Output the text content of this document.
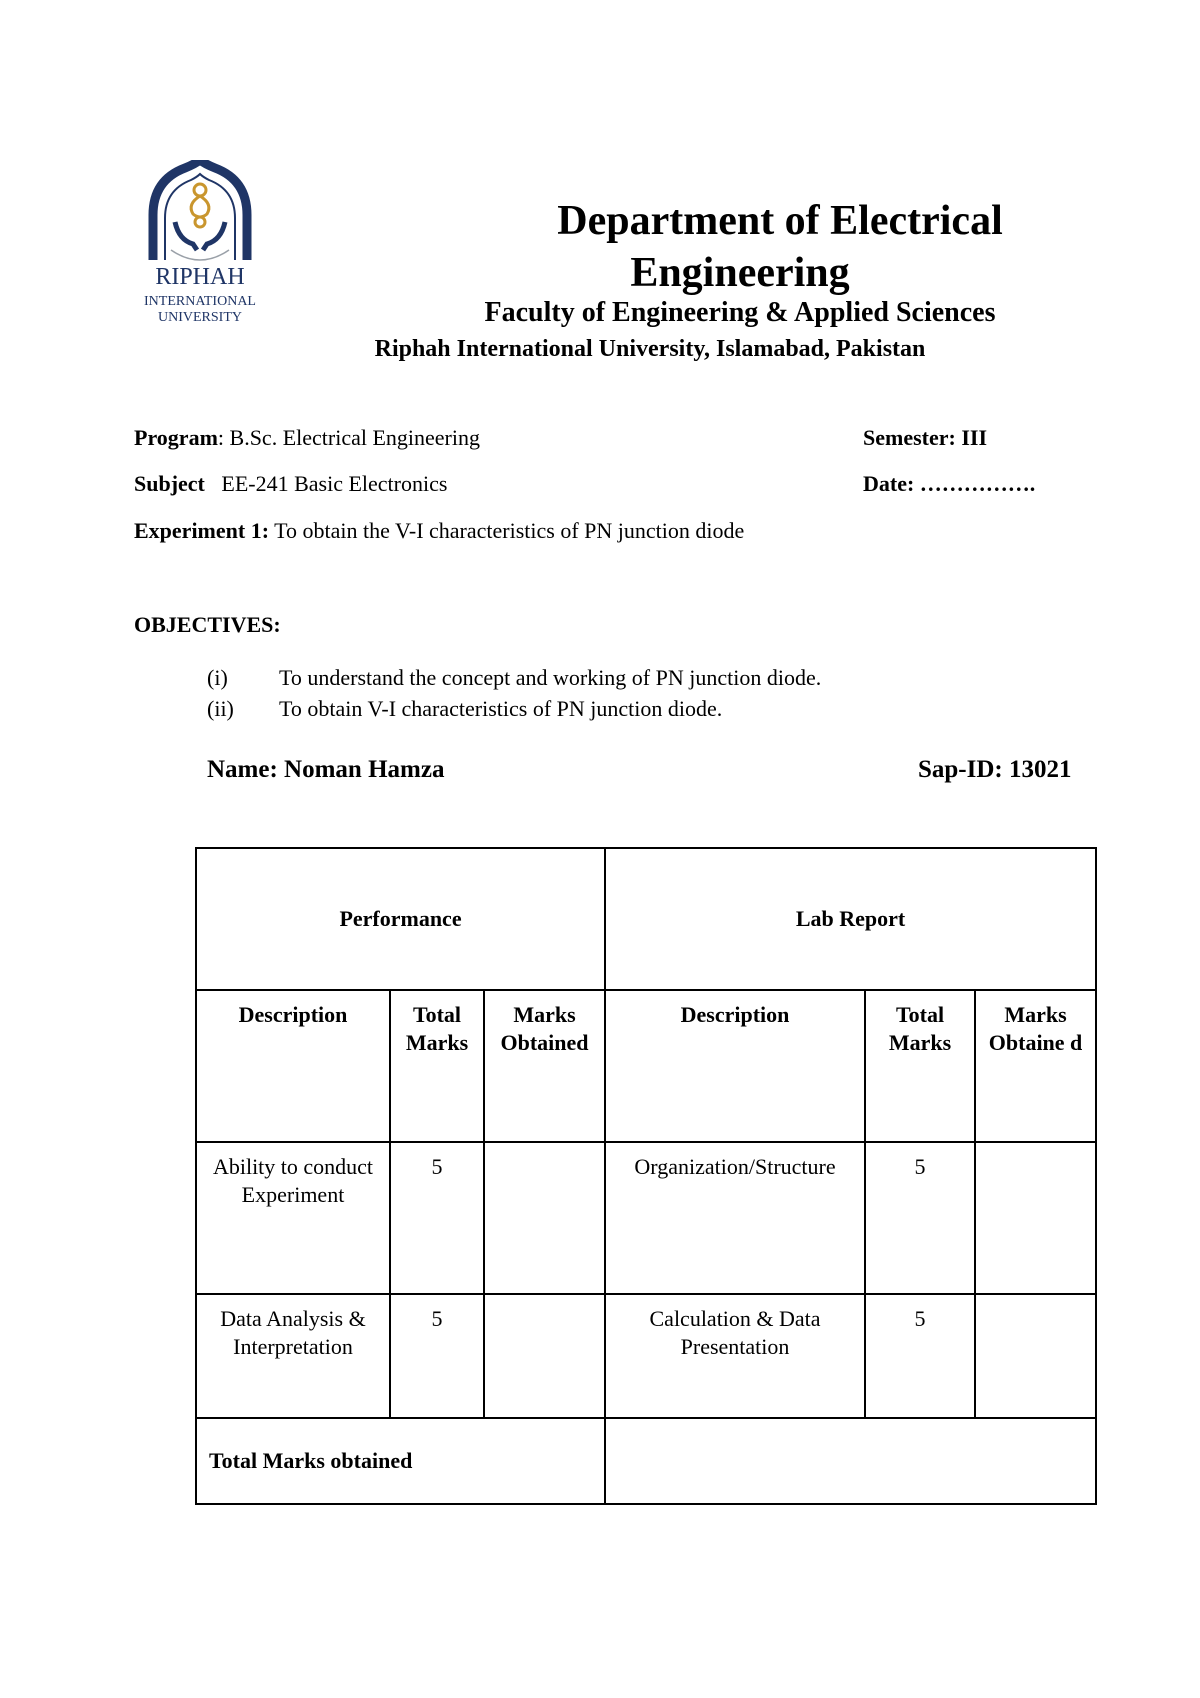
RIPHAH
INTERNATIONAL
UNIVERSITY
Department of Electrical
Engineering
Faculty of Engineering & Applied Sciences
Riphah International University, Islamabad, Pakistan
Program: B.Sc. Electrical Engineering	Semester: III
Subject EE-241 Basic Electronics	Date: …………….
Experiment 1: To obtain the V-I characteristics of PN junction diode
OBJECTIVES:
(i) To understand the concept and working of PN junction diode.
(ii) To obtain V-I characteristics of PN junction diode.
Name: Noman Hamza	Sap-ID: 13021
Performance			Lab Report		
Description	Total Marks	Marks Obtained	Description	Total Marks	Marks Obtaine d
Ability to conduct Experiment	5		Organization/Structure	5	
Data Analysis & Interpretation	5		Calculation & Data Presentation	5	
Total Marks obtained					
